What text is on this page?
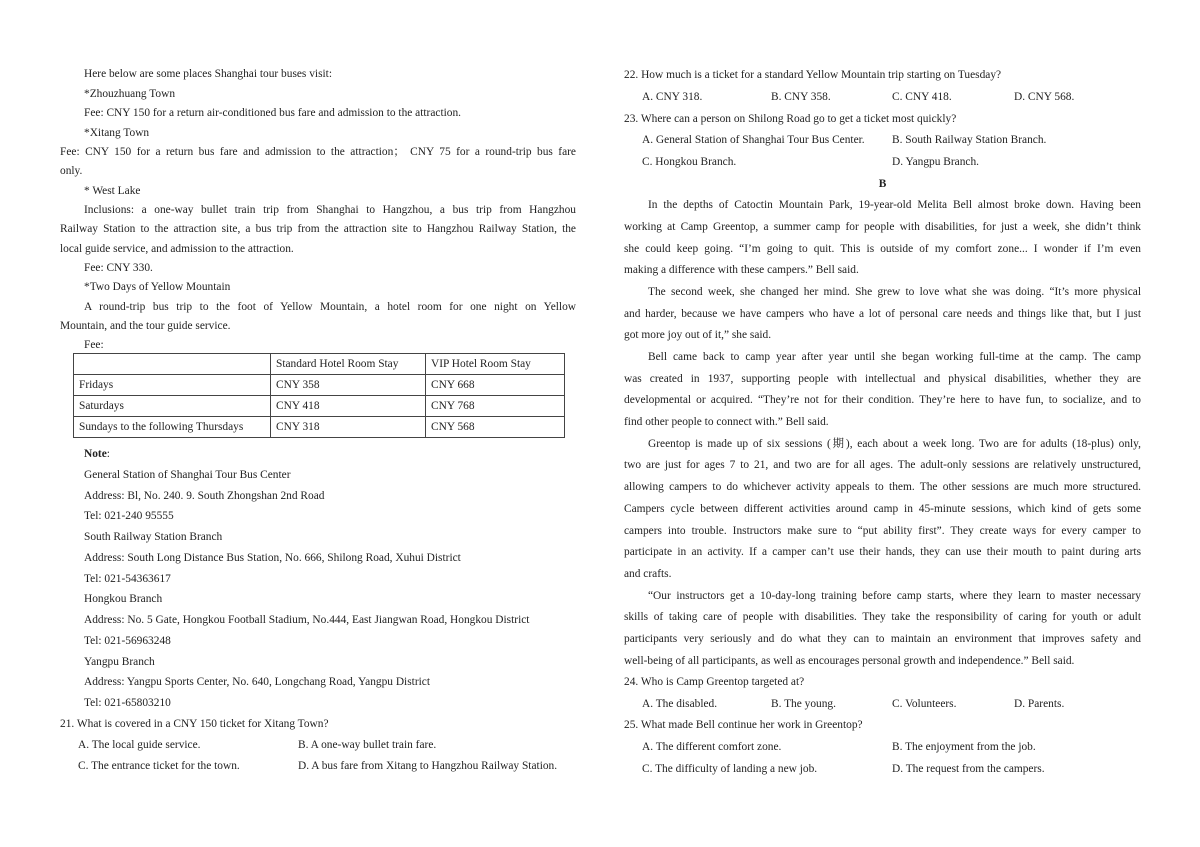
Here below are some places Shanghai tour buses visit:
*Zhouzhuang Town
Fee: CNY 150 for a return air-conditioned bus fare and admission to the attraction.
*Xitang Town
Fee: CNY 150 for a return bus fare and admission to the attraction； CNY 75 for a round-trip bus fare
only.
* West Lake
Inclusions: a one-way bullet train trip from Shanghai to Hangzhou, a bus trip from Hangzhou
Railway Station to the attraction site, a bus trip from the attraction site to Hangzhou Railway Station, the
local guide service, and admission to the attraction.
Fee: CNY 330.
*Two Days of Yellow Mountain
A round-trip bus trip to the foot of Yellow Mountain, a hotel room for one night on Yellow
Mountain, and the tour guide service.
Fee:
	Standard Hotel Room Stay	VIP Hotel Room Stay
Fridays	CNY 358	CNY 668
Saturdays	CNY 418	CNY 768
Sundays to the following Thursdays	CNY 318	CNY 568
Note:
General Station of Shanghai Tour Bus Center
Address: Bl, No. 240. 9. South Zhongshan 2nd Road
Tel: 021-240 95555
South Railway Station Branch
Address: South Long Distance Bus Station, No. 666, Shilong Road, Xuhui District
Tel: 021-54363617
Hongkou Branch
Address: No. 5 Gate, Hongkou Football Stadium, No.444, East Jiangwan Road, Hongkou District
Tel: 021-56963248
Yangpu Branch
Address: Yangpu Sports Center, No. 640, Longchang Road, Yangpu District
Tel: 021-65803210
21. What is covered in a CNY 150 ticket for Xitang Town?
A. The local guide service.	B. A one-way bullet train fare.
C. The entrance ticket for the town.	D. A bus fare from Xitang to Hangzhou Railway Station.
22. How much is a ticket for a standard Yellow Mountain trip starting on Tuesday?
A. CNY 318.	B. CNY 358.	C. CNY 418.	D. CNY 568.
23. Where can a person on Shilong Road go to get a ticket most quickly?
A. General Station of Shanghai Tour Bus Center.	B. South Railway Station Branch.
C. Hongkou Branch.	D. Yangpu Branch.
B
In the depths of Catoctin Mountain Park, 19-year-old Melita Bell almost broke down. Having been
working at Camp Greentop, a summer camp for people with disabilities, for just a week, she didn’t think
she could keep going. “I’m going to quit. This is outside of my comfort zone... I wonder if I’m even
making a difference with these campers.” Bell said.
The second week, she changed her mind. She grew to love what she was doing. “It’s more physical
and harder, because we have campers who have a lot of personal care needs and things like that, but I just
got more joy out of it,” she said.
Bell came back to camp year after year until she began working full-time at the camp. The camp
was created in 1937, supporting people with intellectual and physical disabilities, whether they are
developmental or acquired. “They’re not for their condition. They’re here to have fun, to socialize, and to
find other people to connect with.” Bell said.
Greentop is made up of six sessions (期), each about a week long. Two are for adults (18-plus) only,
two are just for ages 7 to 21, and two are for all ages. The adult-only sessions are relatively unstructured,
allowing campers to do whichever activity appeals to them. The other sessions are much more structured.
Campers cycle between different activities around camp in 45-minute sessions, which kind of gets some
campers into trouble. Instructors make sure to “put ability first”. They create ways for every camper to
participate in an activity. If a camper can’t use their hands, they can use their mouth to paint during arts
and crafts.
“Our instructors get a 10-day-long training before camp starts, where they learn to master necessary
skills of taking care of people with disabilities. They take the responsibility of caring for youth or adult
participants very seriously and do what they can to maintain an environment that improves safety and
well-being of all participants, as well as encourages personal growth and independence.” Bell said.
24. Who is Camp Greentop targeted at?
A. The disabled.	B. The young.	C. Volunteers.	D. Parents.
25. What made Bell continue her work in Greentop?
A. The different comfort zone.	B. The enjoyment from the job.
C. The difficulty of landing a new job.	D. The request from the campers.
